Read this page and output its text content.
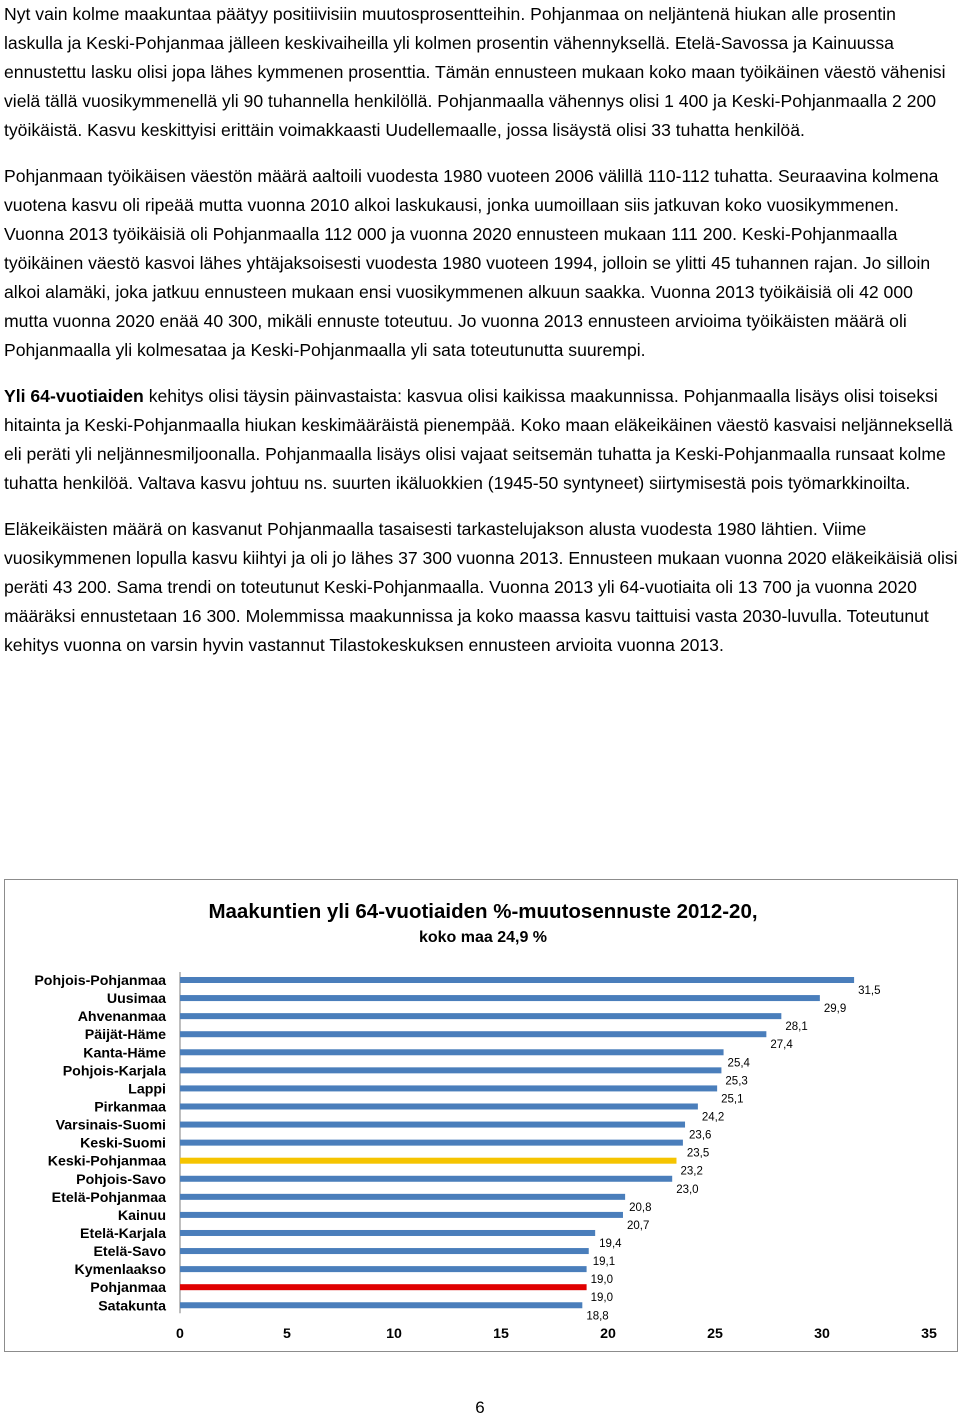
Nyt vain kolme maakuntaa päätyy positiivisiin muutosprosentteihin. Pohjanmaa on neljäntenä hiukan alle prosentin laskulla ja Keski-Pohjanmaa jälleen keskivaiheilla yli kolmen prosentin vähennyksellä. Etelä-Savossa ja Kainuussa ennustettu lasku olisi jopa lähes kymmenen prosenttia. Tämän ennusteen mukaan koko maan työikäinen väestö vähenisi vielä tällä vuosikymmenellä yli 90 tuhannella henkilöllä. Pohjanmaalla vähennys olisi 1 400 ja Keski-Pohjanmaalla 2 200 työikäistä. Kasvu keskittyisi erittäin voimakkaasti Uudellemaalle, jossa lisäystä olisi 33 tuhatta henkilöä.

Pohjanmaan työikäisen väestön määrä aaltoili vuodesta 1980 vuoteen 2006 välillä 110-112 tuhatta. Seuraavina kolmena vuotena kasvu oli ripeää mutta vuonna 2010 alkoi laskukausi, jonka uumoillaan siis jatkuvan koko vuosikymmenen. Vuonna 2013 työikäisiä oli Pohjanmaalla 112 000 ja vuonna 2020 ennusteen mukaan 111 200. Keski-Pohjanmaalla työikäinen väestö kasvoi lähes yhtäjaksoisesti vuodesta 1980 vuoteen 1994, jolloin se ylitti 45 tuhannen rajan. Jo silloin alkoi alamäki, joka jatkuu ennusteen mukaan ensi vuosikymmenen alkuun saakka. Vuonna 2013 työikäisiä oli 42 000 mutta vuonna 2020 enää 40 300, mikäli ennuste toteutuu. Jo vuonna 2013 ennusteen arvioima työikäisten määrä oli Pohjanmaalla yli kolmesataa ja Keski-Pohjanmaalla yli sata toteutunutta suurempi.

Yli 64-vuotiaiden kehitys olisi täysin päinvastaista: kasvua olisi kaikissa maakunnissa. Pohjanmaalla lisäys olisi toiseksi hitainta ja Keski-Pohjanmaalla hiukan keskimääräistä pienempää. Koko maan eläkeikäinen väestö kasvaisi neljänneksellä eli peräti yli neljännesmiljoonalla. Pohjanmaalla lisäys olisi vajaat seitsemän tuhatta ja Keski-Pohjanmaalla runsaat kolme tuhatta henkilöä. Valtava kasvu johtuu ns. suurten ikäluokkien (1945-50 syntyneet) siirtymisestä pois työmarkkinoilta.

Eläkeikäisten määrä on kasvanut Pohjanmaalla tasaisesti tarkastelujakson alusta vuodesta 1980 lähtien. Viime vuosikymmenen lopulla kasvu kiihtyi ja oli jo lähes 37 300 vuonna 2013. Ennusteen mukaan vuonna 2020 eläkeikäisiä olisi peräti 43 200. Sama trendi on toteutunut Keski-Pohjanmaalla. Vuonna 2013 yli 64-vuotiaita oli 13 700 ja vuonna 2020 määräksi ennustetaan 16 300. Molemmissa maakunnissa ja koko maassa kasvu taittuisi vasta 2030-luvulla. Toteutunut kehitys vuonna on varsin hyvin vastannut Tilastokeskuksen ennusteen arvioita vuonna 2013.

Maakuntien yli 64-vuotiaiden %-muutosennuste 2012-20,
koko maa 24,9 %
Pohjois-Pohjanmaa
31,5
Uusimaa
29,9
Ahvenanmaa
28,1
Päijät-Häme
27,4
Kanta-Häme
25,4
Pohjois-Karjala
25,3
Lappi
25,1
Pirkanmaa
24,2
Varsinais-Suomi
23,6
Keski-Suomi
23,5
Keski-Pohjanmaa
23,2
Pohjois-Savo
23,0
Etelä-Pohjanmaa
20,8
Kainuu
20,7
Etelä-Karjala
19,4
Etelä-Savo
19,1
Kymenlaakso
19,0
Pohjanmaa
19,0
Satakunta
18,8
0	5	10	15	20	25	30	35
6
